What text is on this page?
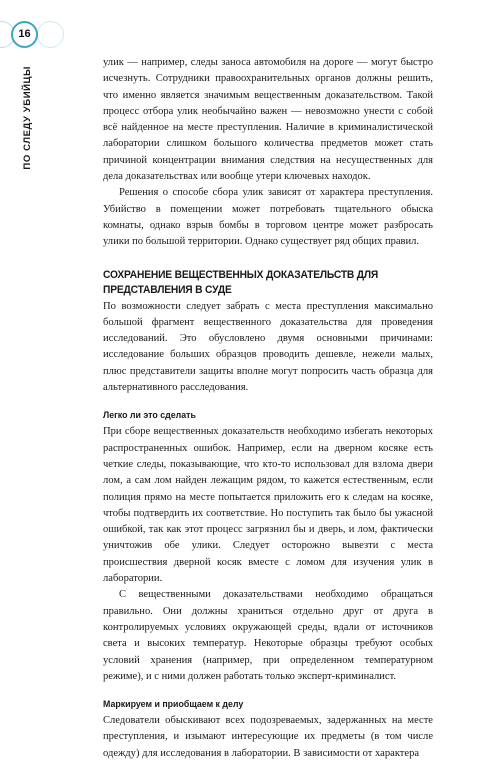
16
ПО СЛЕДУ УБИЙЦЫ

улик — например, следы заноса автомобиля на дороге — могут быстро исчезнуть. Сотрудники правоохранительных органов должны решить, что именно является значимым вещественным доказательством. Такой процесс отбора улик необычайно важен — невозможно унести с собой всё найденное на месте преступления. Наличие в криминалистической лаборатории слишком большого количества предметов может стать причиной концентрации внимания следствия на несущественных для дела доказательствах или вообще утери ключевых находок.

Решения о способе сбора улик зависят от характера преступления. Убийство в помещении может потребовать тщательного обыска комнаты, однако взрыв бомбы в торговом центре может разбросать улики по большой территории. Однако существует ряд общих правил.

СОХРАНЕНИЕ ВЕЩЕСТВЕННЫХ ДОКАЗАТЕЛЬСТВ ДЛЯ ПРЕДСТАВЛЕНИЯ В СУДЕ

По возможности следует забрать с места преступления максимально большой фрагмент вещественного доказательства для проведения исследований. Это обусловлено двумя основными причинами: исследование больших образцов проводить дешевле, нежели малых, плюс представители защиты вполне могут попросить часть образца для альтернативного расследования.

Легко ли это сделать

При сборе вещественных доказательств необходимо избегать некоторых распространенных ошибок. Например, если на дверном косяке есть четкие следы, показывающие, что кто-то использовал для взлома двери лом, а сам лом найден лежащим рядом, то кажется естественным, если полиция прямо на месте попытается приложить его к следам на косяке, чтобы подтвердить их соответствие. Но поступить так было бы ужасной ошибкой, так как этот процесс загрязнил бы и дверь, и лом, фактически уничтожив обе улики. Следует осторожно вывезти с места происшествия дверной косяк вместе с ломом для изучения улик в лаборатории.

С вещественными доказательствами необходимо обращаться правильно. Они должны храниться отдельно друг от друга в контролируемых условиях окружающей среды, вдали от источников света и высоких температур. Некоторые образцы требуют особых условий хранения (например, при определенном температурном режиме), и с ними должен работать только эксперт-криминалист.

Маркируем и приобщаем к делу

Следователи обыскивают всех подозреваемых, задержанных на месте преступления, и изымают интересующие их предметы (в том числе одежду) для исследования в лаборатории. В зависимости от характера
